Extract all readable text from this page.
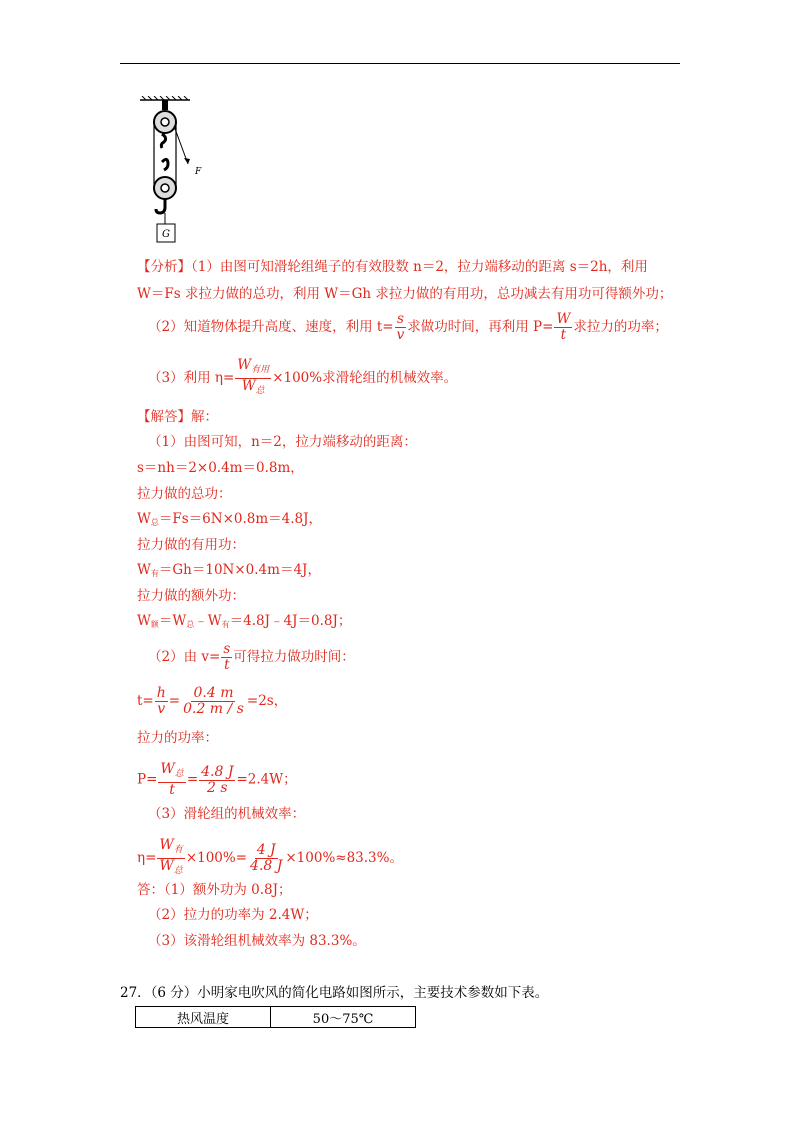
F
G
【分析】（1）由图可知滑轮组绳子的有效股数 n＝2，拉力端移动的距离 s＝2h，利用
W＝Fs 求拉力做的总功，利用 W＝Gh 求拉力做的有用功，总功减去有用功可得额外功；
（2）知道物体提升高度、速度，利用 $t= \frac{s}{v}$ 求做功时间，再利用 $P= \frac{W}{t}$ 求拉力的功率；
（3）利用 $\eta= \frac{W_{有用}}{W_总} \times 100\%$求滑轮组的机械效率。
【解答】解：
（1）由图可知，n＝2，拉力端移动的距离：
s＝nh＝2×0.4m＝0.8m，
拉力做的总功：
W总＝Fs＝6N×0.8m＝4.8J，
拉力做的有用功：
W有＝Gh＝10N×0.4m＝4J，
拉力做的额外功：
W额＝W总﹣W有＝4.8J﹣4J＝0.8J；
（2）由 $v= \frac{s}{t}$ 可得拉力做功时间：
$t= \frac{h}{v} = \frac{0.4 m}{0.2 m / s} =2s$，
拉力的功率：
$P= \frac{W_总}{t} = \frac{4.8 J}{2 s} =2.4W$；
（3）滑轮组的机械效率：
$\eta= \frac{W_有}{W_总} \times 100\%= \frac{4 J}{4.8 J} \times 100\%\approx 83.3\%$。
答：（1）额外功为 0.8J；
（2）拉力的功率为 2.4W；
（3）该滑轮组机械效率为 83.3%。
27．（6 分）小明家电吹风的简化电路如图所示，主要技术参数如下表。
热风温度	50～75℃
